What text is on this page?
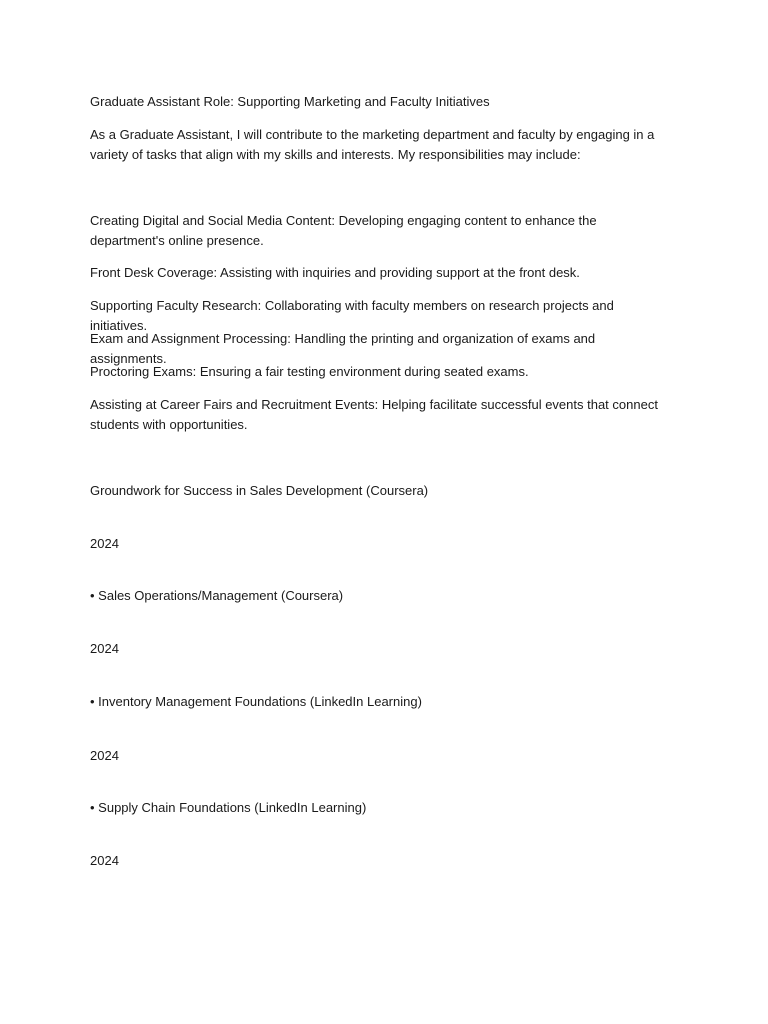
Graduate Assistant Role: Supporting Marketing and Faculty Initiatives

As a Graduate Assistant, I will contribute to the marketing department and faculty by engaging in a variety of tasks that align with my skills and interests. My responsibilities may include:

Creating Digital and Social Media Content: Developing engaging content to enhance the department's online presence.

Front Desk Coverage: Assisting with inquiries and providing support at the front desk.

Supporting Faculty Research: Collaborating with faculty members on research projects and initiatives.

Exam and Assignment Processing: Handling the printing and organization of exams and assignments.

Proctoring Exams: Ensuring a fair testing environment during seated exams.

Assisting at Career Fairs and Recruitment Events: Helping facilitate successful events that connect students with opportunities.

Groundwork for Success in Sales Development (Coursera)

2024

• Sales Operations/Management (Coursera)

2024

• Inventory Management Foundations (LinkedIn Learning)

2024

• Supply Chain Foundations (LinkedIn Learning)

2024
